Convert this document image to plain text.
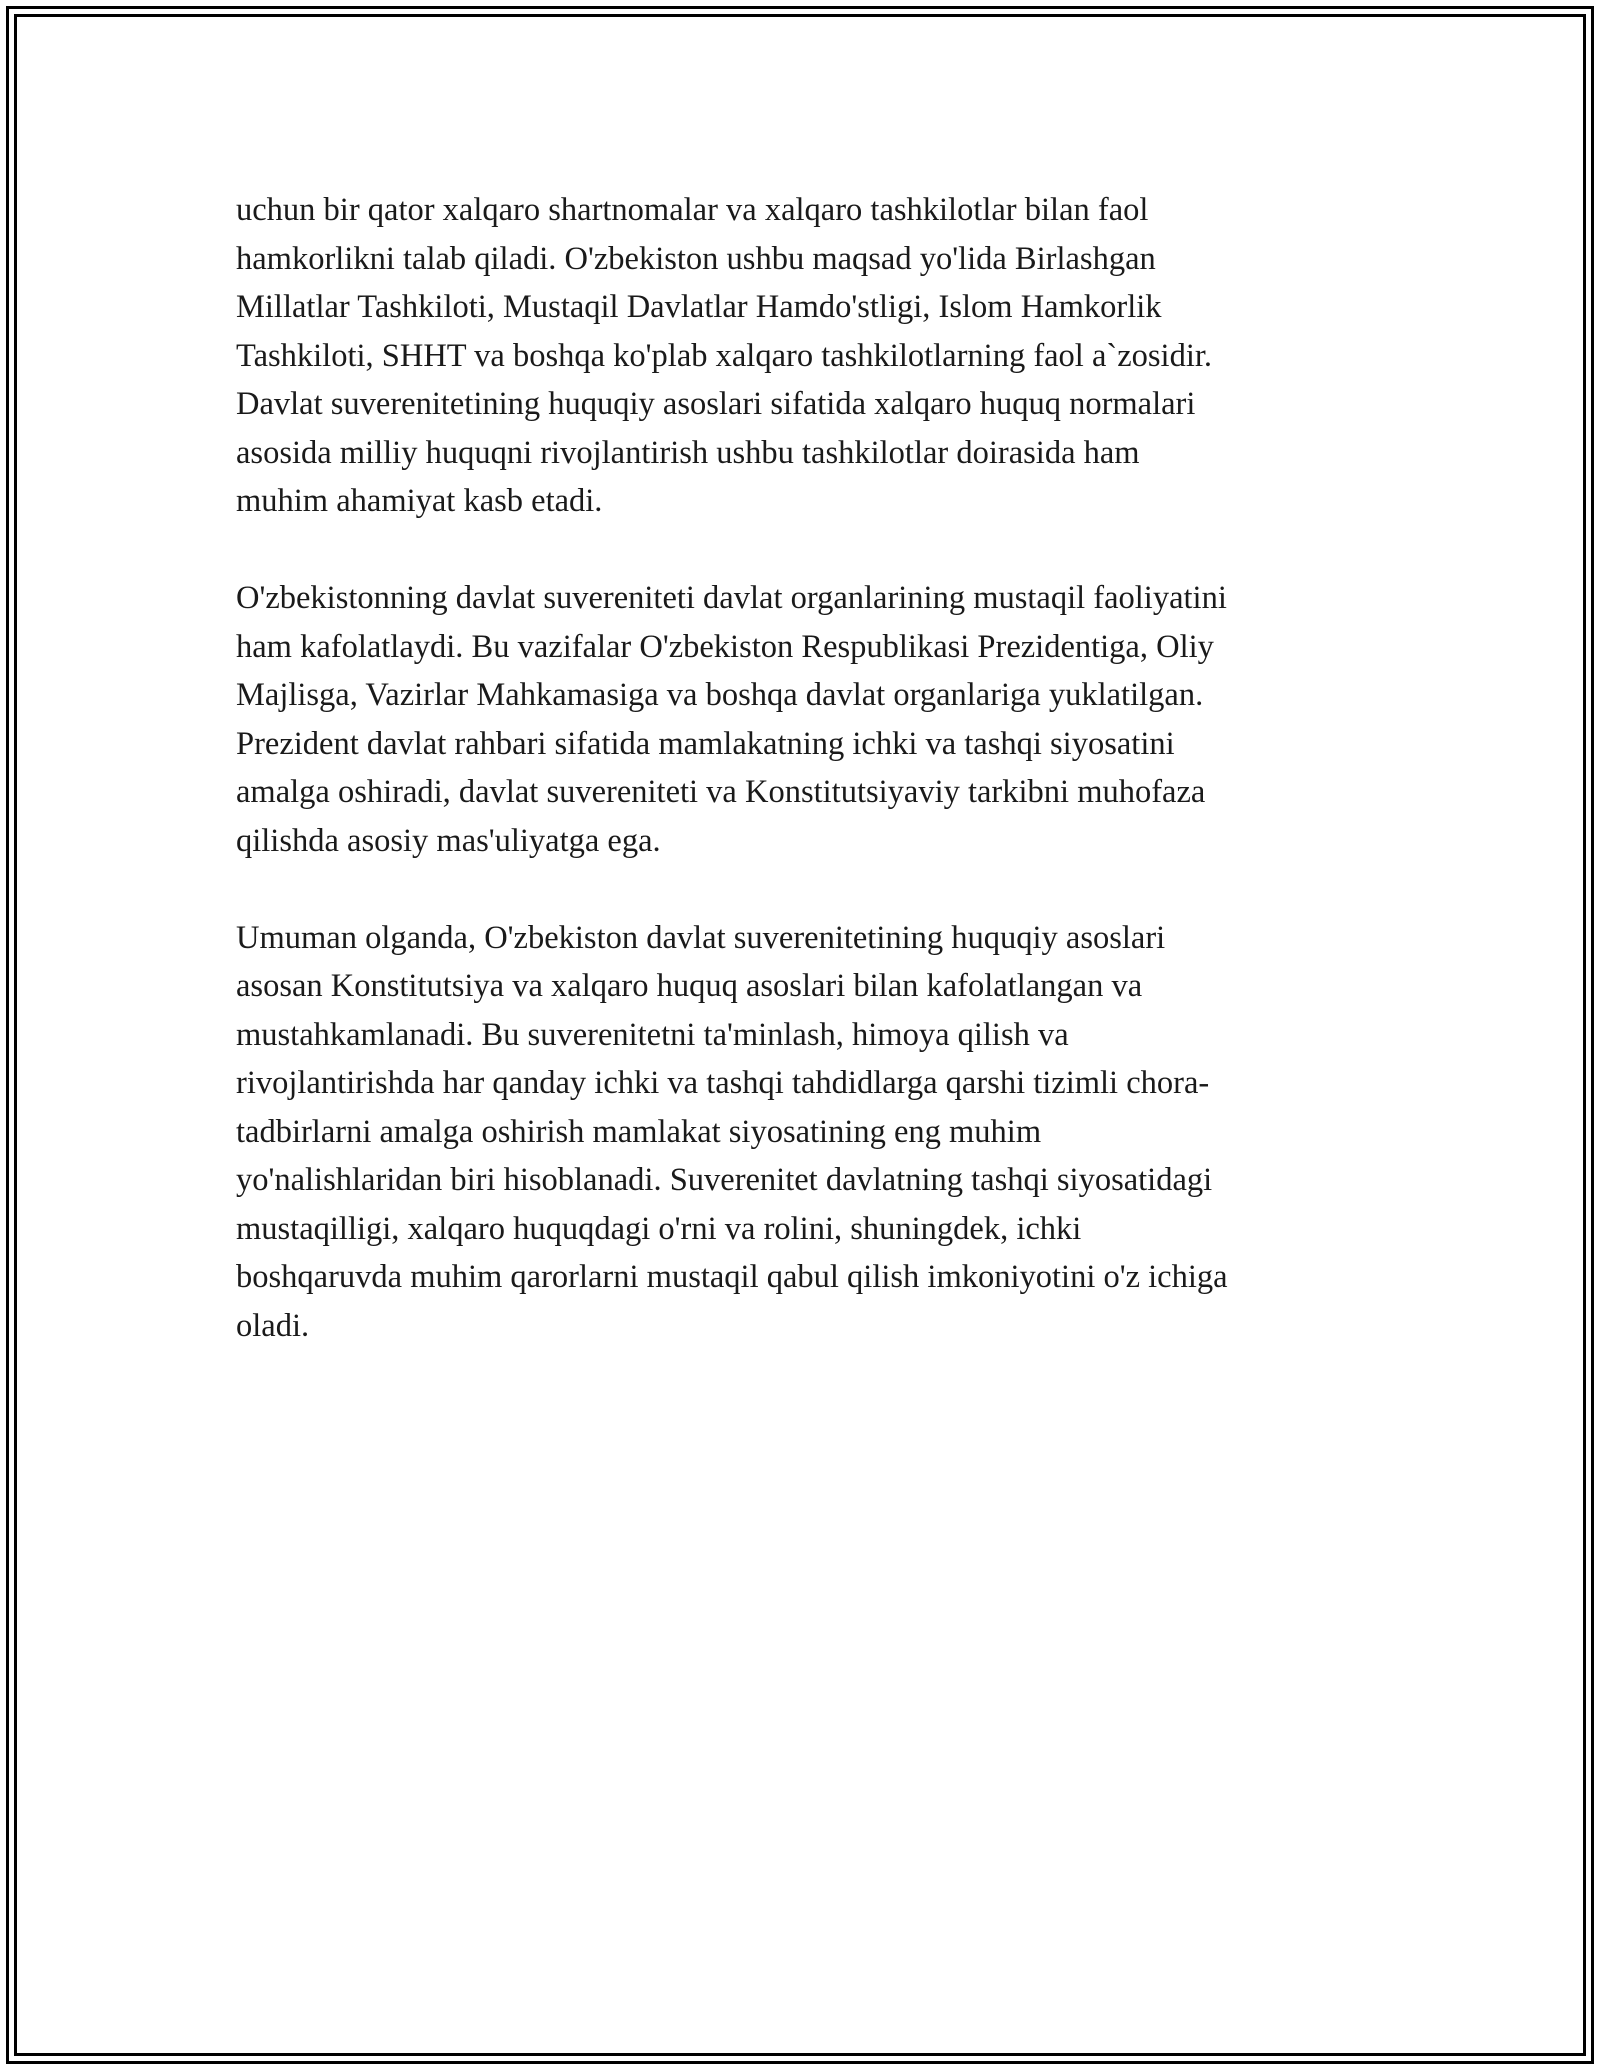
uchun bir qator xalqaro shartnomalar va xalqaro tashkilotlar bilan faol
hamkorlikni talab qiladi. O'zbekiston ushbu maqsad yo'lida Birlashgan
Millatlar Tashkiloti, Mustaqil Davlatlar Hamdo'stligi, Islom Hamkorlik
Tashkiloti, SHHT va boshqa ko'plab xalqaro tashkilotlarning faol a`zosidir.
Davlat suverenitetining huquqiy asoslari sifatida xalqaro huquq normalari
asosida milliy huquqni rivojlantirish ushbu tashkilotlar doirasida ham
muhim ahamiyat kasb etadi.

O'zbekistonning davlat suvereniteti davlat organlarining mustaqil faoliyatini
ham kafolatlaydi. Bu vazifalar O'zbekiston Respublikasi Prezidentiga, Oliy
Majlisga, Vazirlar Mahkamasiga va boshqa davlat organlariga yuklatilgan.
Prezident davlat rahbari sifatida mamlakatning ichki va tashqi siyosatini
amalga oshiradi, davlat suvereniteti va Konstitutsiyaviy tarkibni muhofaza
qilishda asosiy mas'uliyatga ega.

Umuman olganda, O'zbekiston davlat suverenitetining huquqiy asoslari
asosan Konstitutsiya va xalqaro huquq asoslari bilan kafolatlangan va
mustahkamlanadi. Bu suverenitetni ta'minlash, himoya qilish va
rivojlantirishda har qanday ichki va tashqi tahdidlarga qarshi tizimli chora-
tadbirlarni amalga oshirish mamlakat siyosatining eng muhim
yo'nalishlaridan biri hisoblanadi. Suverenitet davlatning tashqi siyosatidagi
mustaqilligi, xalqaro huquqdagi o'rni va rolini, shuningdek, ichki
boshqaruvda muhim qarorlarni mustaqil qabul qilish imkoniyotini o'z ichiga
oladi.
